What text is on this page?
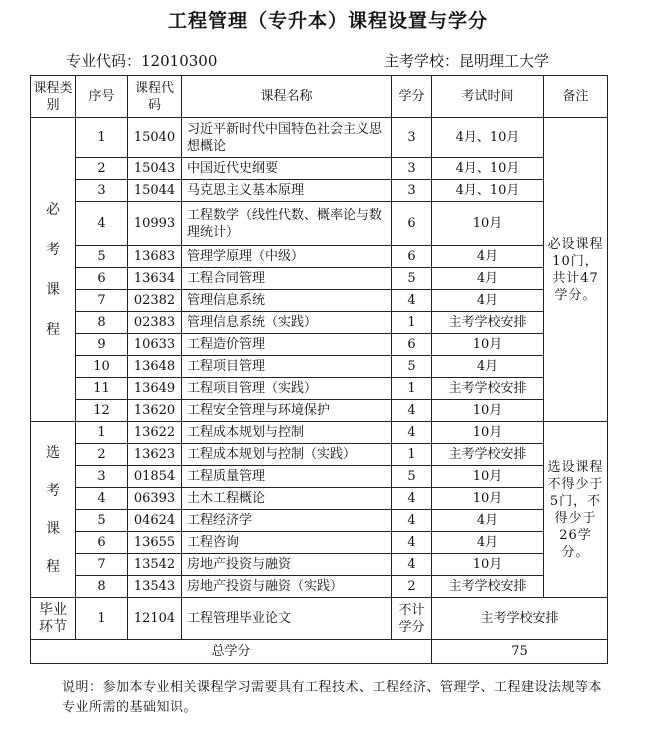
工程管理（专升本）课程设置与学分
专业代码：12010300	主考学校：昆明理工大学
课程类别	序号	课程代码	课程名称	学分	考试时间	备注
必考课程	1	15040	习近平新时代中国特色社会主义思想概论	3	4月、10月	必设课程10门，共计47学分。
	2	15043	中国近代史纲要	3	4月、10月	
	3	15044	马克思主义基本原理	3	4月、10月	
	4	10993	工程数学（线性代数、概率论与数理统计）	6	10月	
	5	13683	管理学原理（中级）	6	4月	
	6	13634	工程合同管理	5	4月	
	7	02382	管理信息系统	4	4月	
	8	02383	管理信息系统（实践）	1	主考学校安排	
	9	10633	工程造价管理	6	10月	
	10	13648	工程项目管理	5	4月	
	11	13649	工程项目管理（实践）	1	主考学校安排	
	12	13620	工程安全管理与环境保护	4	10月	
选考课程	1	13622	工程成本规划与控制	4	10月	选设课程不得少于5门，不得少于26学分。
	2	13623	工程成本规划与控制（实践）	1	主考学校安排	
	3	01854	工程质量管理	5	10月	
	4	06393	土木工程概论	4	10月	
	5	04624	工程经济学	4	4月	
	6	13655	工程咨询	4	4月	
	7	13542	房地产投资与融资	4	10月	
	8	13543	房地产投资与融资（实践）	2	主考学校安排	
毕业环节	1	12104	工程管理毕业论文	不计学分	主考学校安排	
总学分					75	
说明：参加本专业相关课程学习需要具有工程技术、工程经济、管理学、工程建设法规等本专业所需的基础知识。
